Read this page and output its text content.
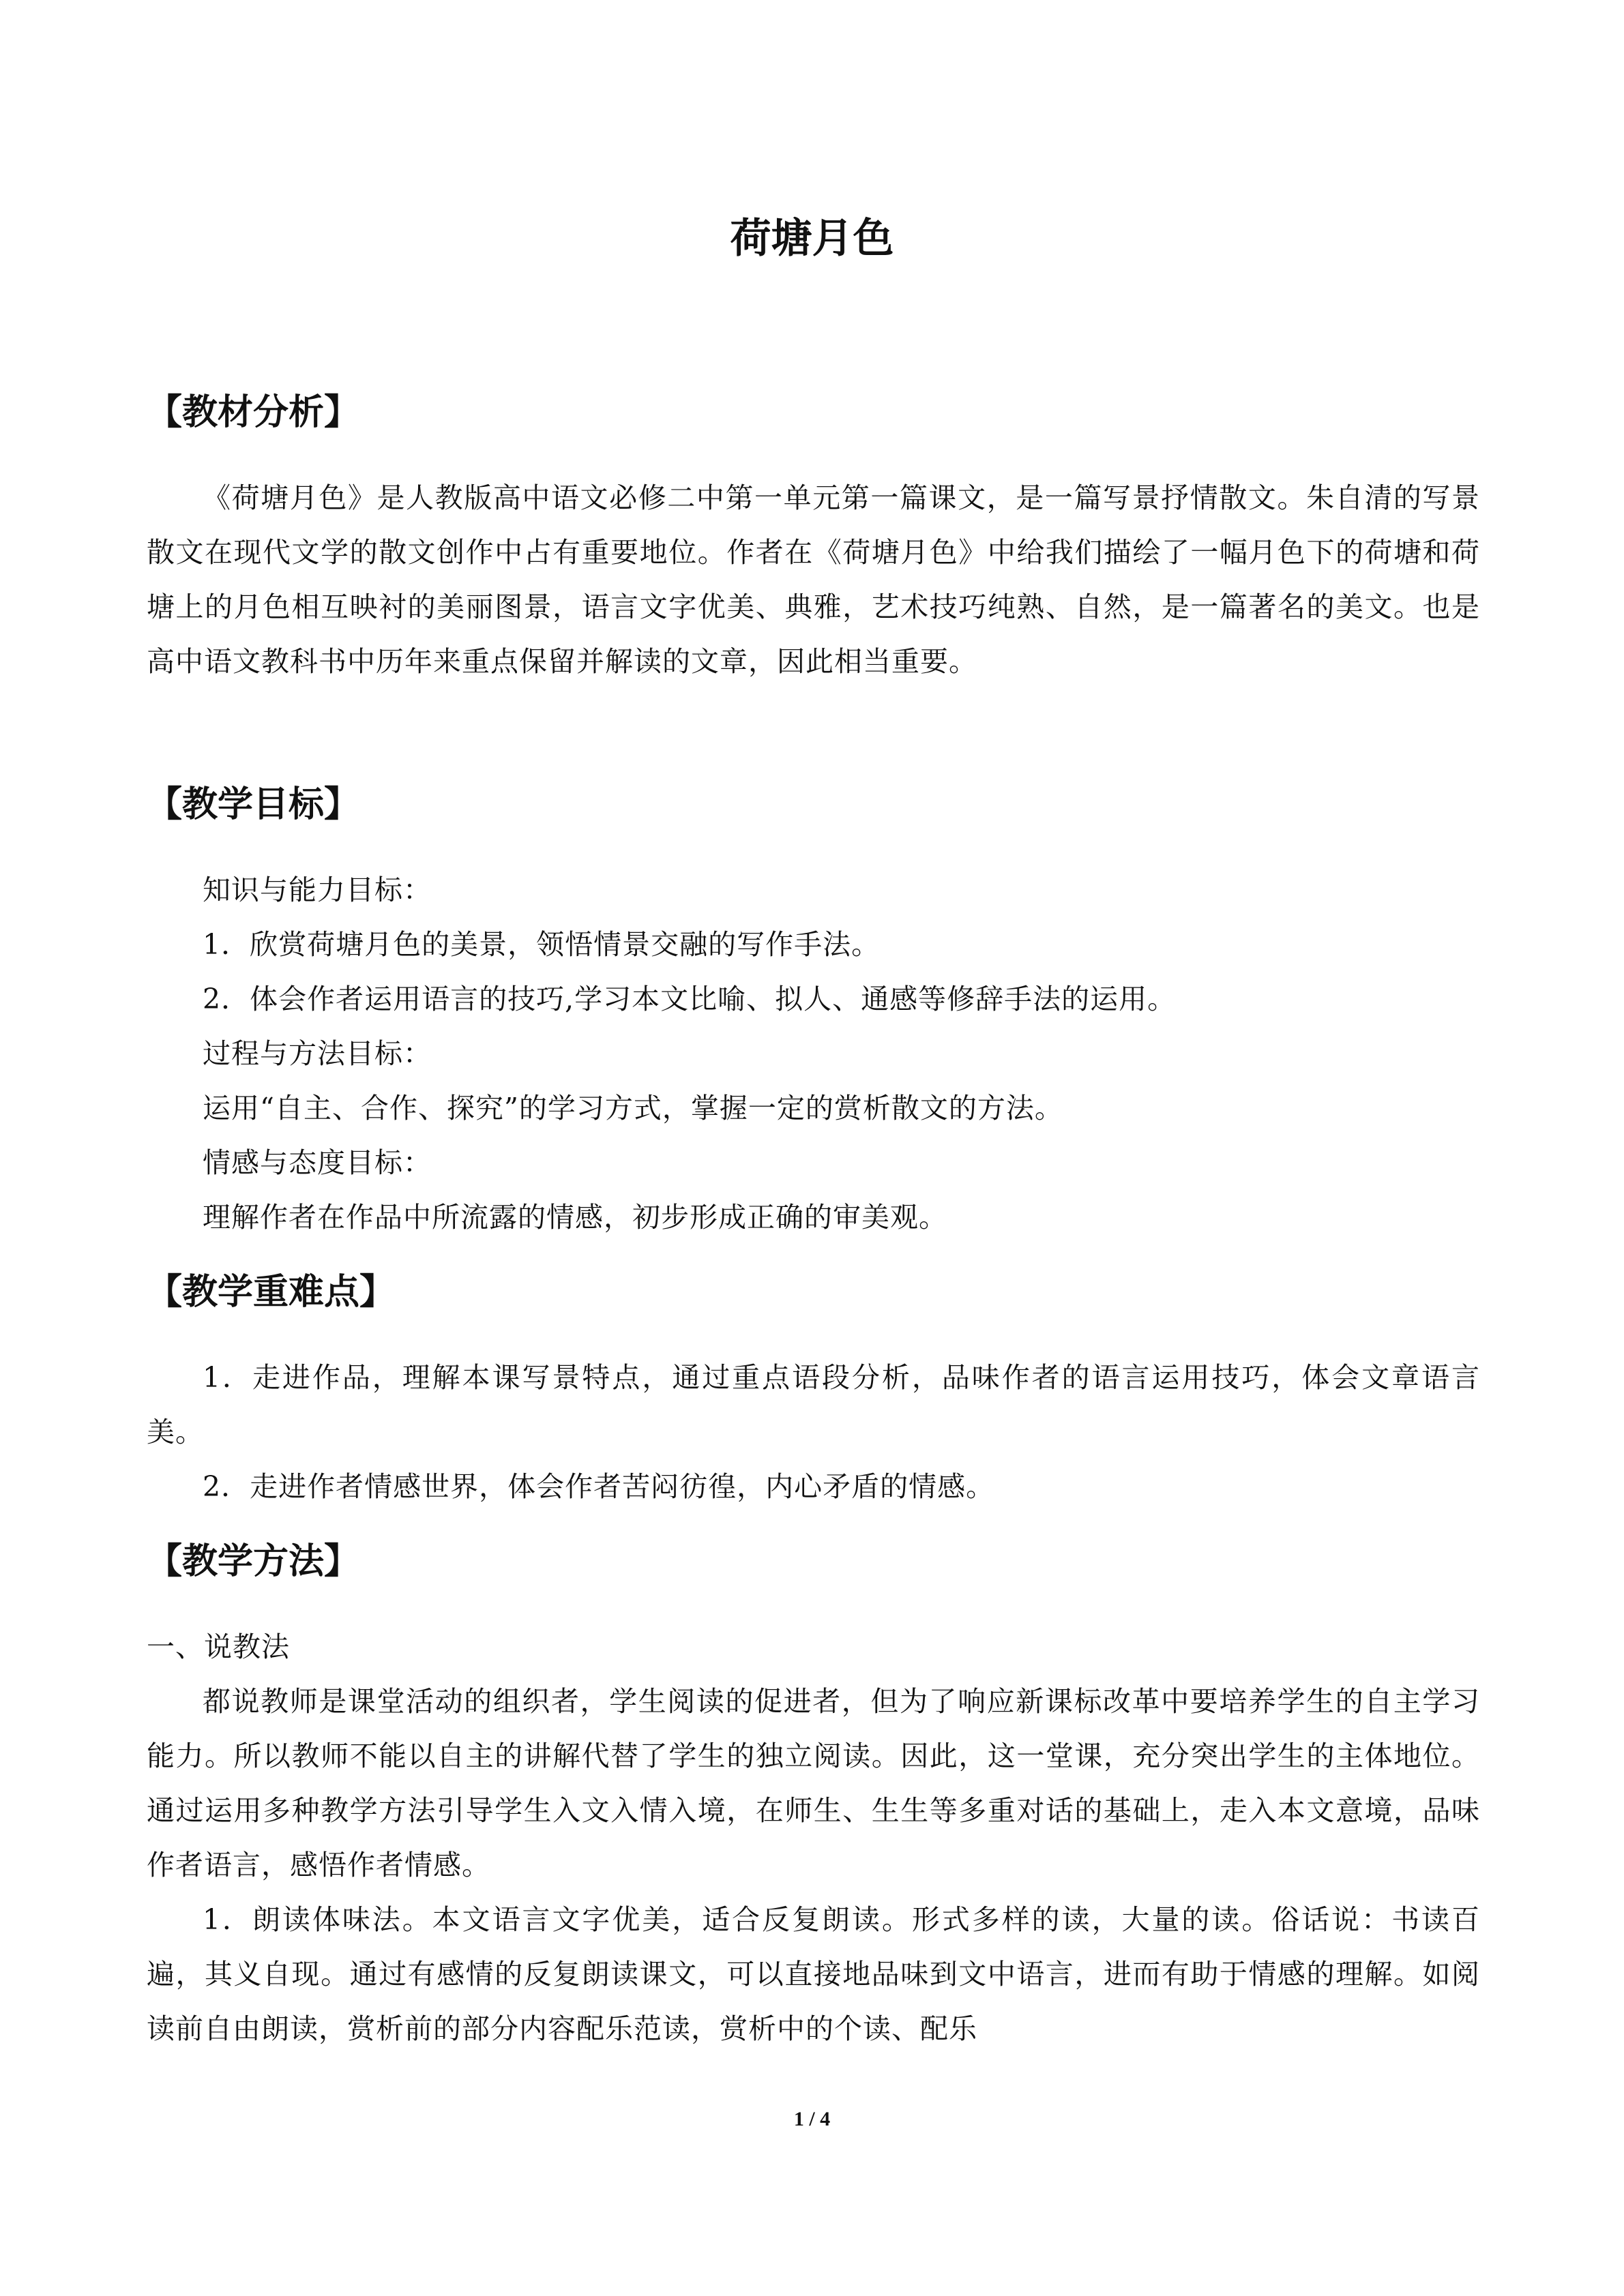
荷塘月色
【教材分析】
《荷塘月色》是人教版高中语文必修二中第一单元第一篇课文，是一篇写景抒情散文。朱自清的写景散文在现代文学的散文创作中占有重要地位。作者在《荷塘月色》中给我们描绘了一幅月色下的荷塘和荷塘上的月色相互映衬的美丽图景，语言文字优美、典雅，艺术技巧纯熟、自然，是一篇著名的美文。也是高中语文教科书中历年来重点保留并解读的文章，因此相当重要。
【教学目标】
知识与能力目标：
1．欣赏荷塘月色的美景，领悟情景交融的写作手法。
2．体会作者运用语言的技巧,学习本文比喻、拟人、通感等修辞手法的运用。
过程与方法目标：
运用“自主、合作、探究”的学习方式，掌握一定的赏析散文的方法。
情感与态度目标：
理解作者在作品中所流露的情感，初步形成正确的审美观。
【教学重难点】
1．走进作品，理解本课写景特点，通过重点语段分析，品味作者的语言运用技巧，体会文章语言美。
2．走进作者情感世界，体会作者苦闷彷徨，内心矛盾的情感。
【教学方法】
一、说教法
都说教师是课堂活动的组织者，学生阅读的促进者，但为了响应新课标改革中要培养学生的自主学习能力。所以教师不能以自主的讲解代替了学生的独立阅读。因此，这一堂课，充分突出学生的主体地位。通过运用多种教学方法引导学生入文入情入境，在师生、生生等多重对话的基础上，走入本文意境，品味作者语言，感悟作者情感。
1．朗读体味法。本文语言文字优美，适合反复朗读。形式多样的读，大量的读。俗话说：书读百遍，其义自现。通过有感情的反复朗读课文，可以直接地品味到文中语言，进而有助于情感的理解。如阅读前自由朗读，赏析前的部分内容配乐范读，赏析中的个读、配乐
1 / 4
